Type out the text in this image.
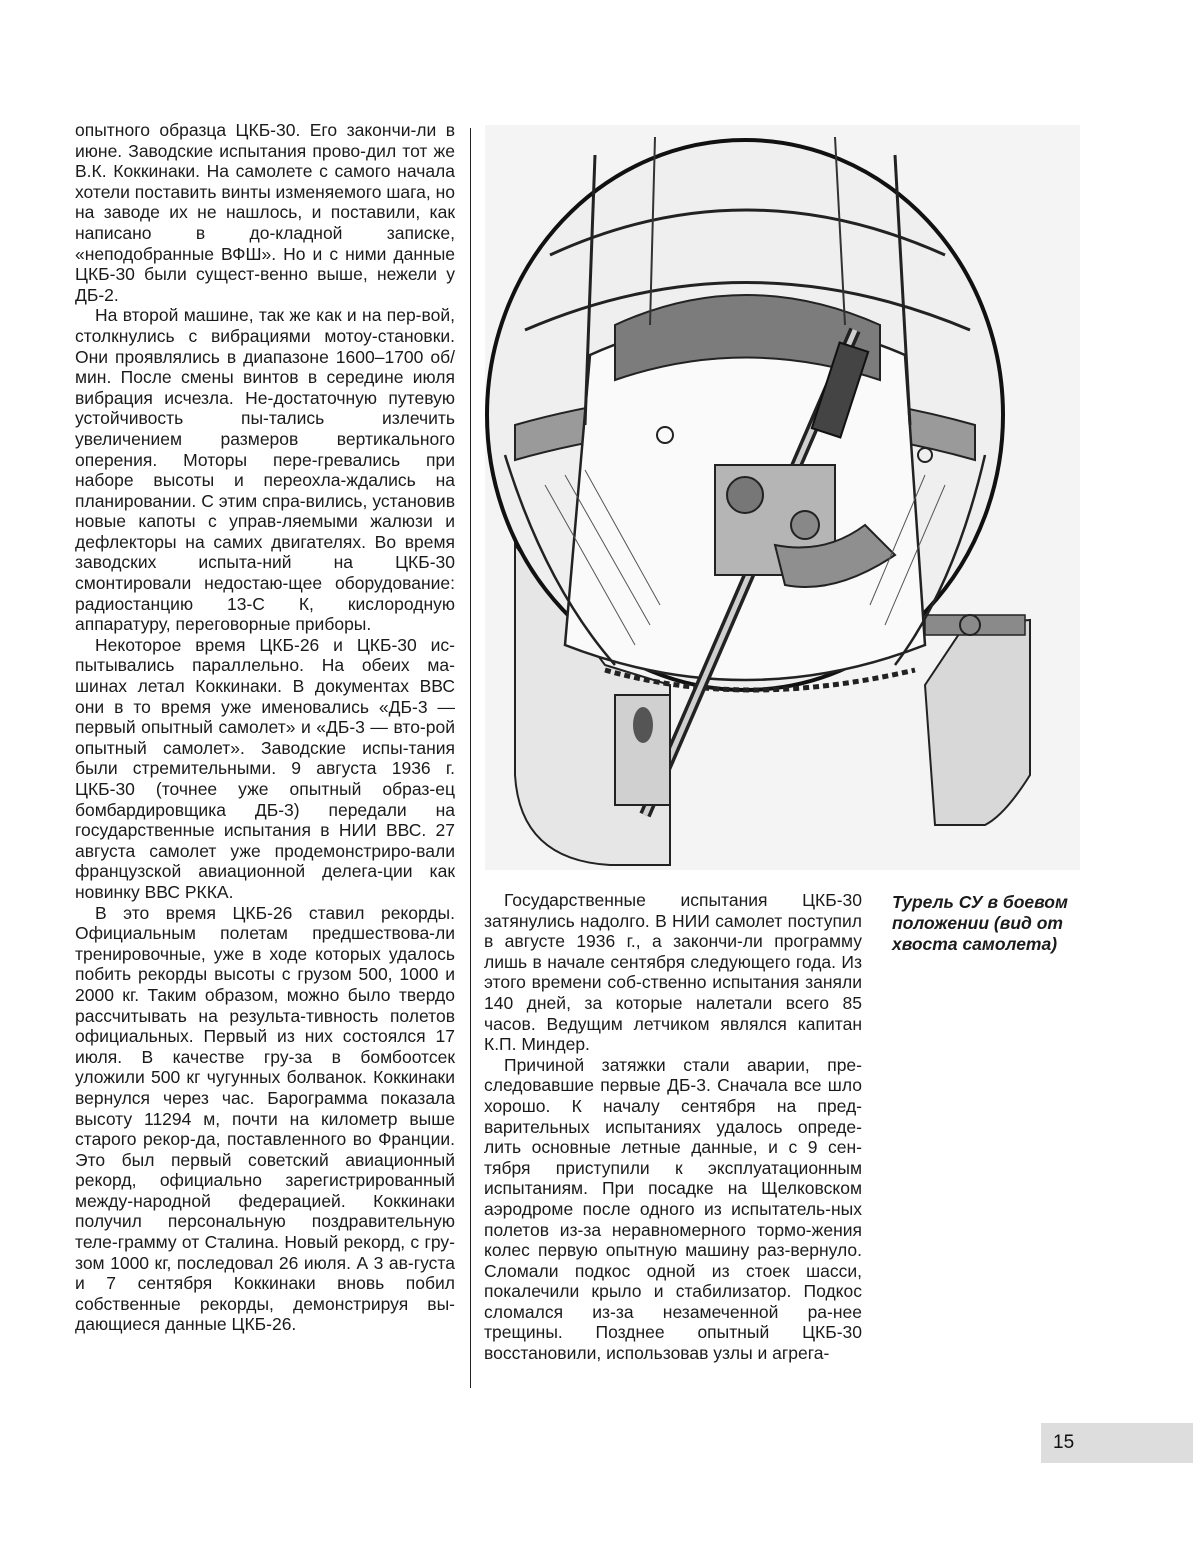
опытного образца ЦКБ-30. Его закончи-ли в июне. Заводские испытания прово-дил тот же В.К. Коккинаки. На самолете с самого начала хотели поставить винты изменяемого шага, но на заводе их не нашлось, и поставили, как написано в до-кладной записке, «неподобранные ВФШ». Но и с ними данные ЦКБ-30 были сущест-венно выше, нежели у ДБ-2.

На второй машине, так же как и на пер-вой, столкнулись с вибрациями мотоу-становки. Они проявлялись в диапазоне 1600–1700 об/ мин. После смены винтов в середине июля вибрация исчезла. Не-достаточную путевую устойчивость пы-тались излечить увеличением размеров вертикального оперения. Моторы пере-гревались при наборе высоты и переохла-ждались на планировании. С этим спра-вились, установив новые капоты с управ-ляемыми жалюзи и дефлекторы на самих двигателях. Во время заводских испыта-ний на ЦКБ-30 смонтировали недостаю-щее оборудование: радиостанцию 13-С К, кислородную аппаратуру, переговорные приборы.

Некоторое время ЦКБ-26 и ЦКБ-30 ис-пытывались параллельно. На обеих ма-шинах летал Коккинаки. В документах ВВС они в то время уже именовались «ДБ-3 — первый опытный самолет» и «ДБ-3 — вто-рой опытный самолет». Заводские испы-тания были стремительными. 9 августа 1936 г. ЦКБ-30 (точнее уже опытный образ-ец бомбардировщика ДБ-3) передали на государственные испытания в НИИ ВВС. 27 августа самолет уже продемонстриро-вали французской авиационной делега-ции как новинку ВВС РККА.

В это время ЦКБ-26 ставил рекорды. Официальным полетам предшествова-ли тренировочные, уже в ходе которых удалось побить рекорды высоты с грузом 500, 1000 и 2000 кг. Таким образом, можно было твердо рассчитывать на результа-тивность полетов официальных. Первый из них состоялся 17 июля. В качестве гру-за в бомбоотсек уложили 500 кг чугунных болванок. Коккинаки вернулся через час. Барограмма показала высоту 11294 м, почти на километр выше старого рекор-да, поставленного во Франции. Это был первый советский авиационный рекорд, официально зарегистрированный между-народной федерацией. Коккинаки получил персональную поздравительную теле-грамму от Сталина. Новый рекорд, с гру-зом 1000 кг, последовал 26 июля. А 3 ав-густа и 7 сентября Коккинаки вновь побил собственные рекорды, демонстрируя вы-дающиеся данные ЦКБ-26.

Государственные испытания ЦКБ-30 затянулись надолго. В НИИ самолет поступил в августе 1936 г., а закончи-ли программу лишь в начале сентября следующего года. Из этого времени соб-ственно испытания заняли 140 дней, за которые налетали всего 85 часов. Ведущим летчиком являлся капитан К.П. Миндер.

Причиной затяжки стали аварии, пре-следовавшие первые ДБ-3. Сначала все шло хорошо. К началу сентября на пред-варительных испытаниях удалось опреде-лить основные летные данные, и с 9 сен-тября приступили к эксплуатационным испытаниям. При посадке на Щелковском аэродроме после одного из испытатель-ных полетов из-за неравномерного тормо-жения колес первую опытную машину раз-вернуло. Сломали подкос одной из стоек шасси, покалечили крыло и стабилизатор. Подкос сломался из-за незамеченной ра-нее трещины. Позднее опытный ЦКБ-30 восстановили, использовав узлы и агрега-

Турель СУ в боевом положении (вид от хвоста самолета)
15
